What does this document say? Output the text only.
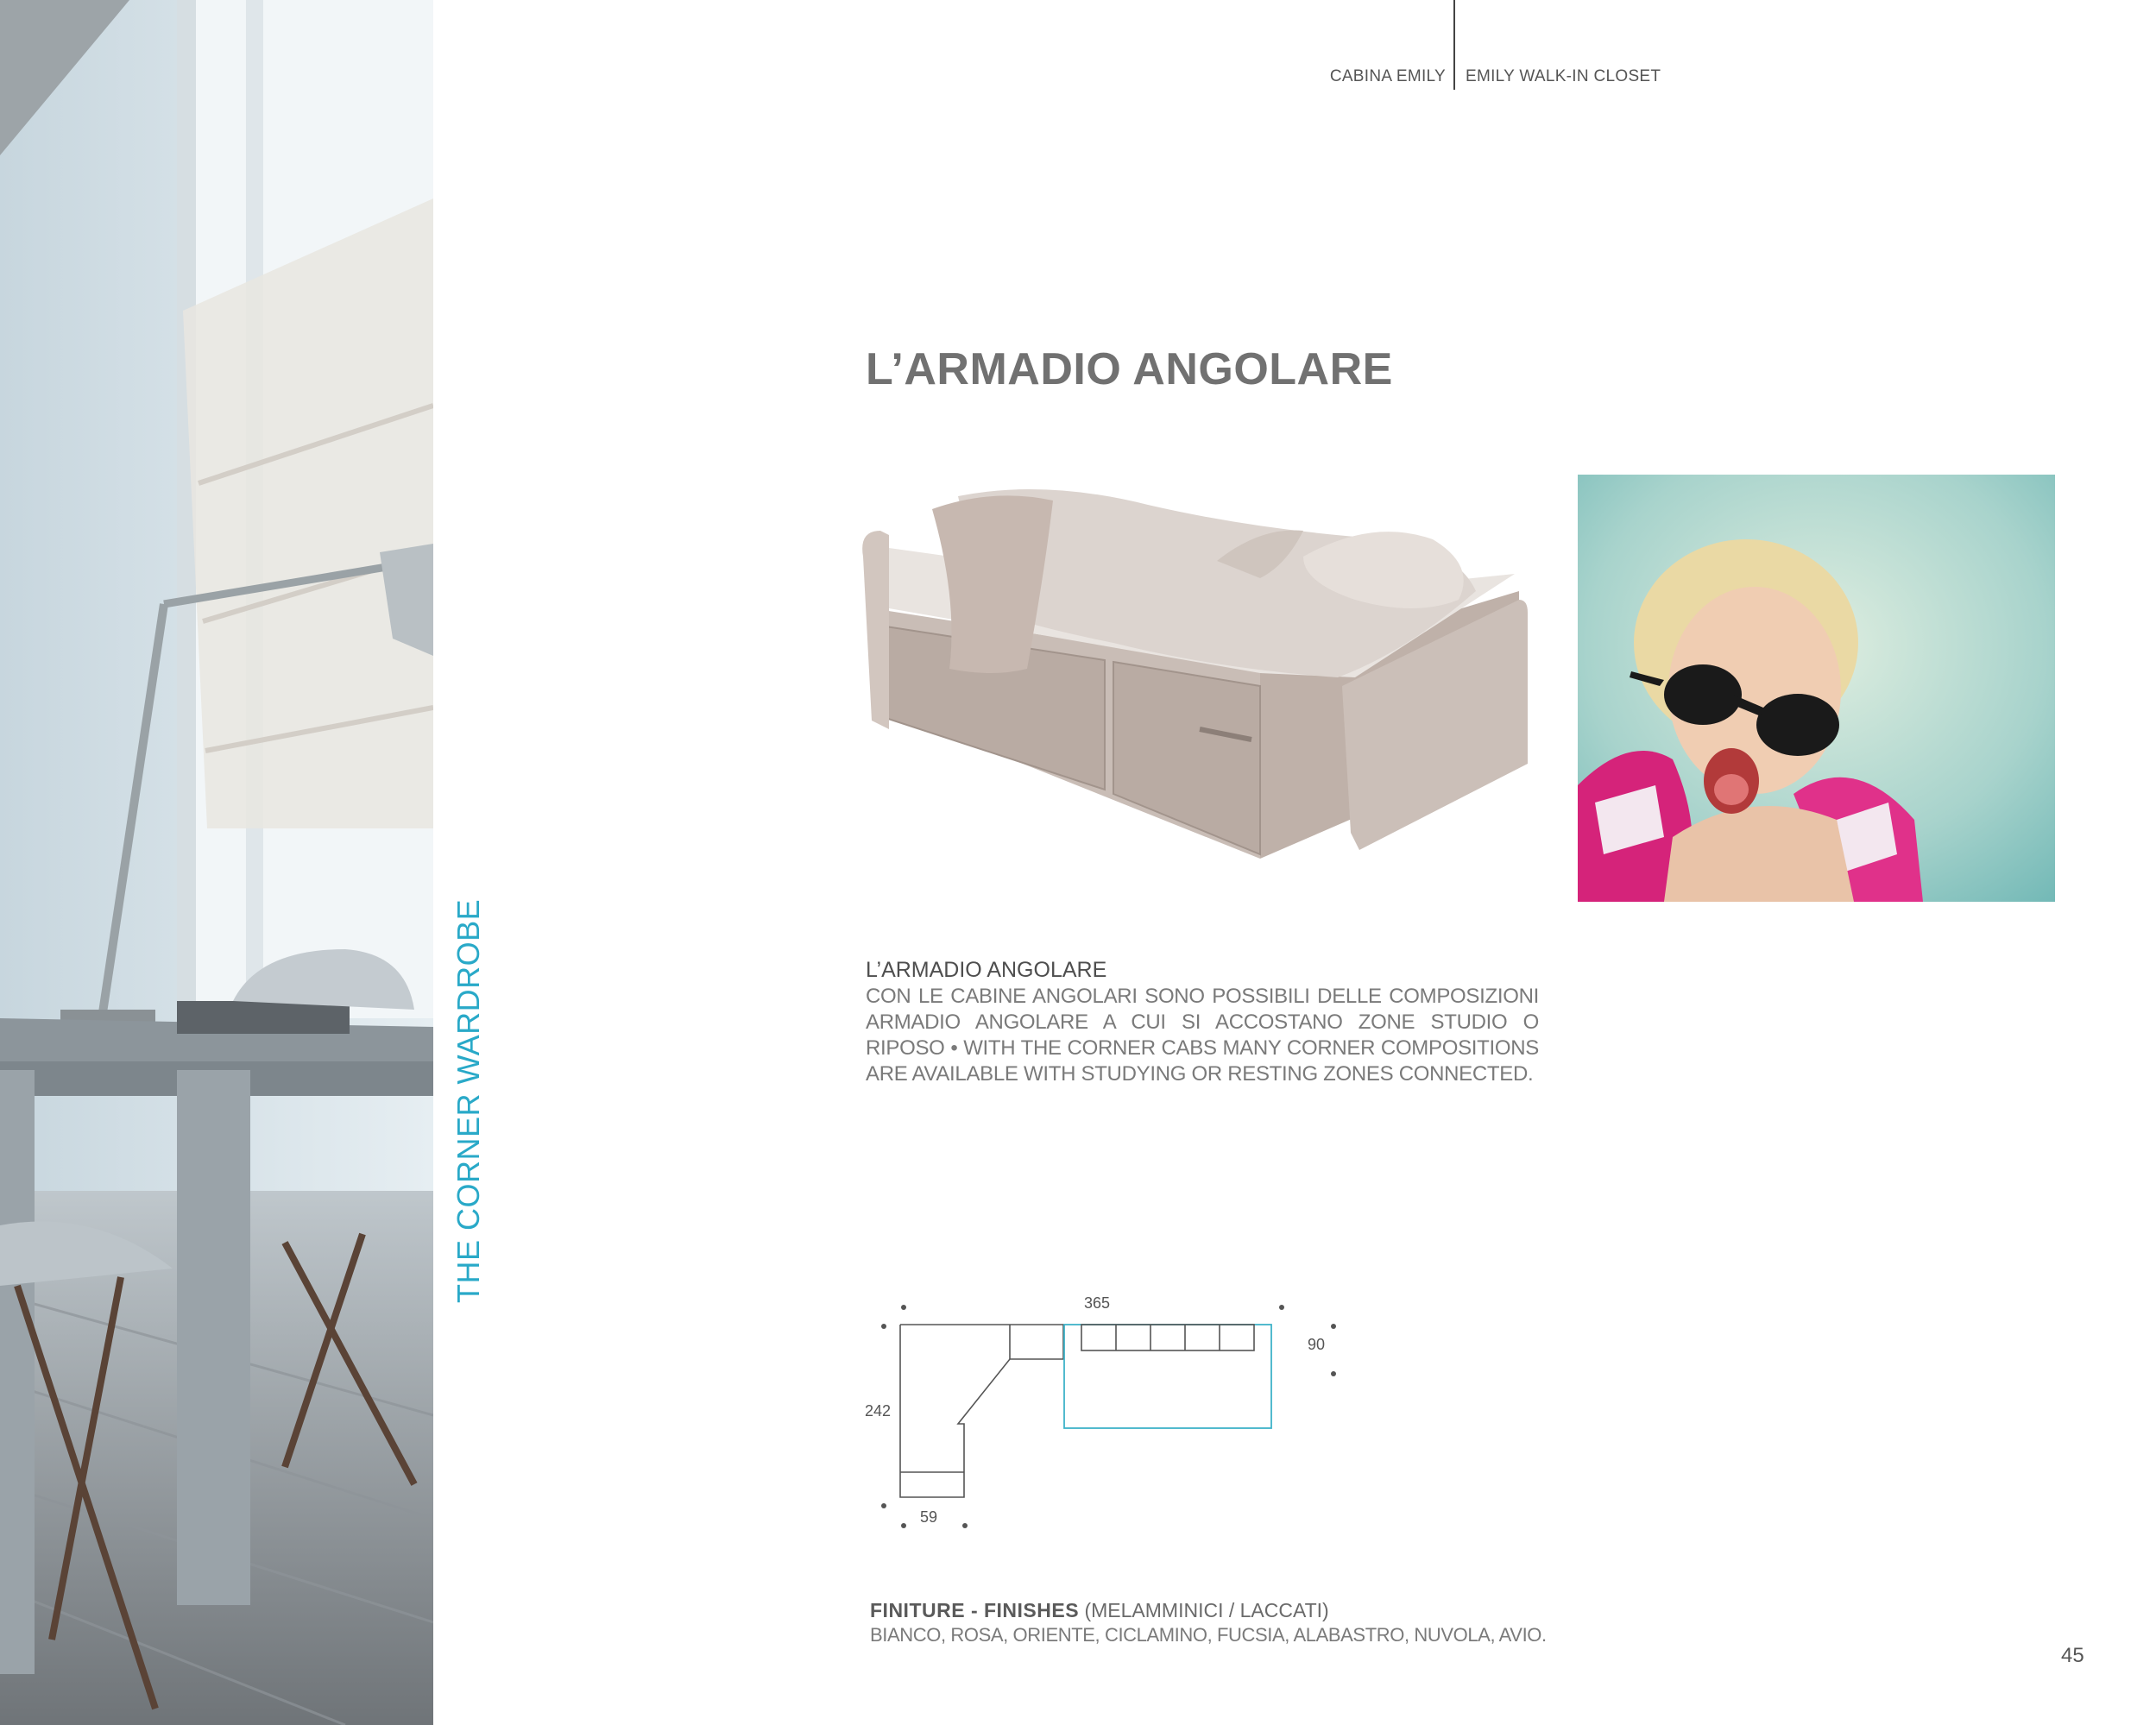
CABINA EMILY EMILY WALK-IN CLOSET
L’ARMADIO ANGOLARE
THE CORNER WARDROBE	L’ARMADIO ANGOLARE
CON LE CABINE ANGOLARI SONO POSSIBILI DELLE COMPOSIZIONI ARMADIO ANGOLARE A CUI SI ACCOSTANO ZONE STUDIO O RIPOSO • WITH THE CORNER CABS MANY CORNER COMPOSITIONS ARE AVAILABLE WITH STUDYING OR RESTING ZONES CONNECTED.
365
242
90
59
FINITURE - FINISHES (MELAMMINICI / LACCATI)
BIANCO, ROSA, ORIENTE, CICLAMINO, FUCSIA, ALABASTRO, NUVOLA, AVIO.
45
